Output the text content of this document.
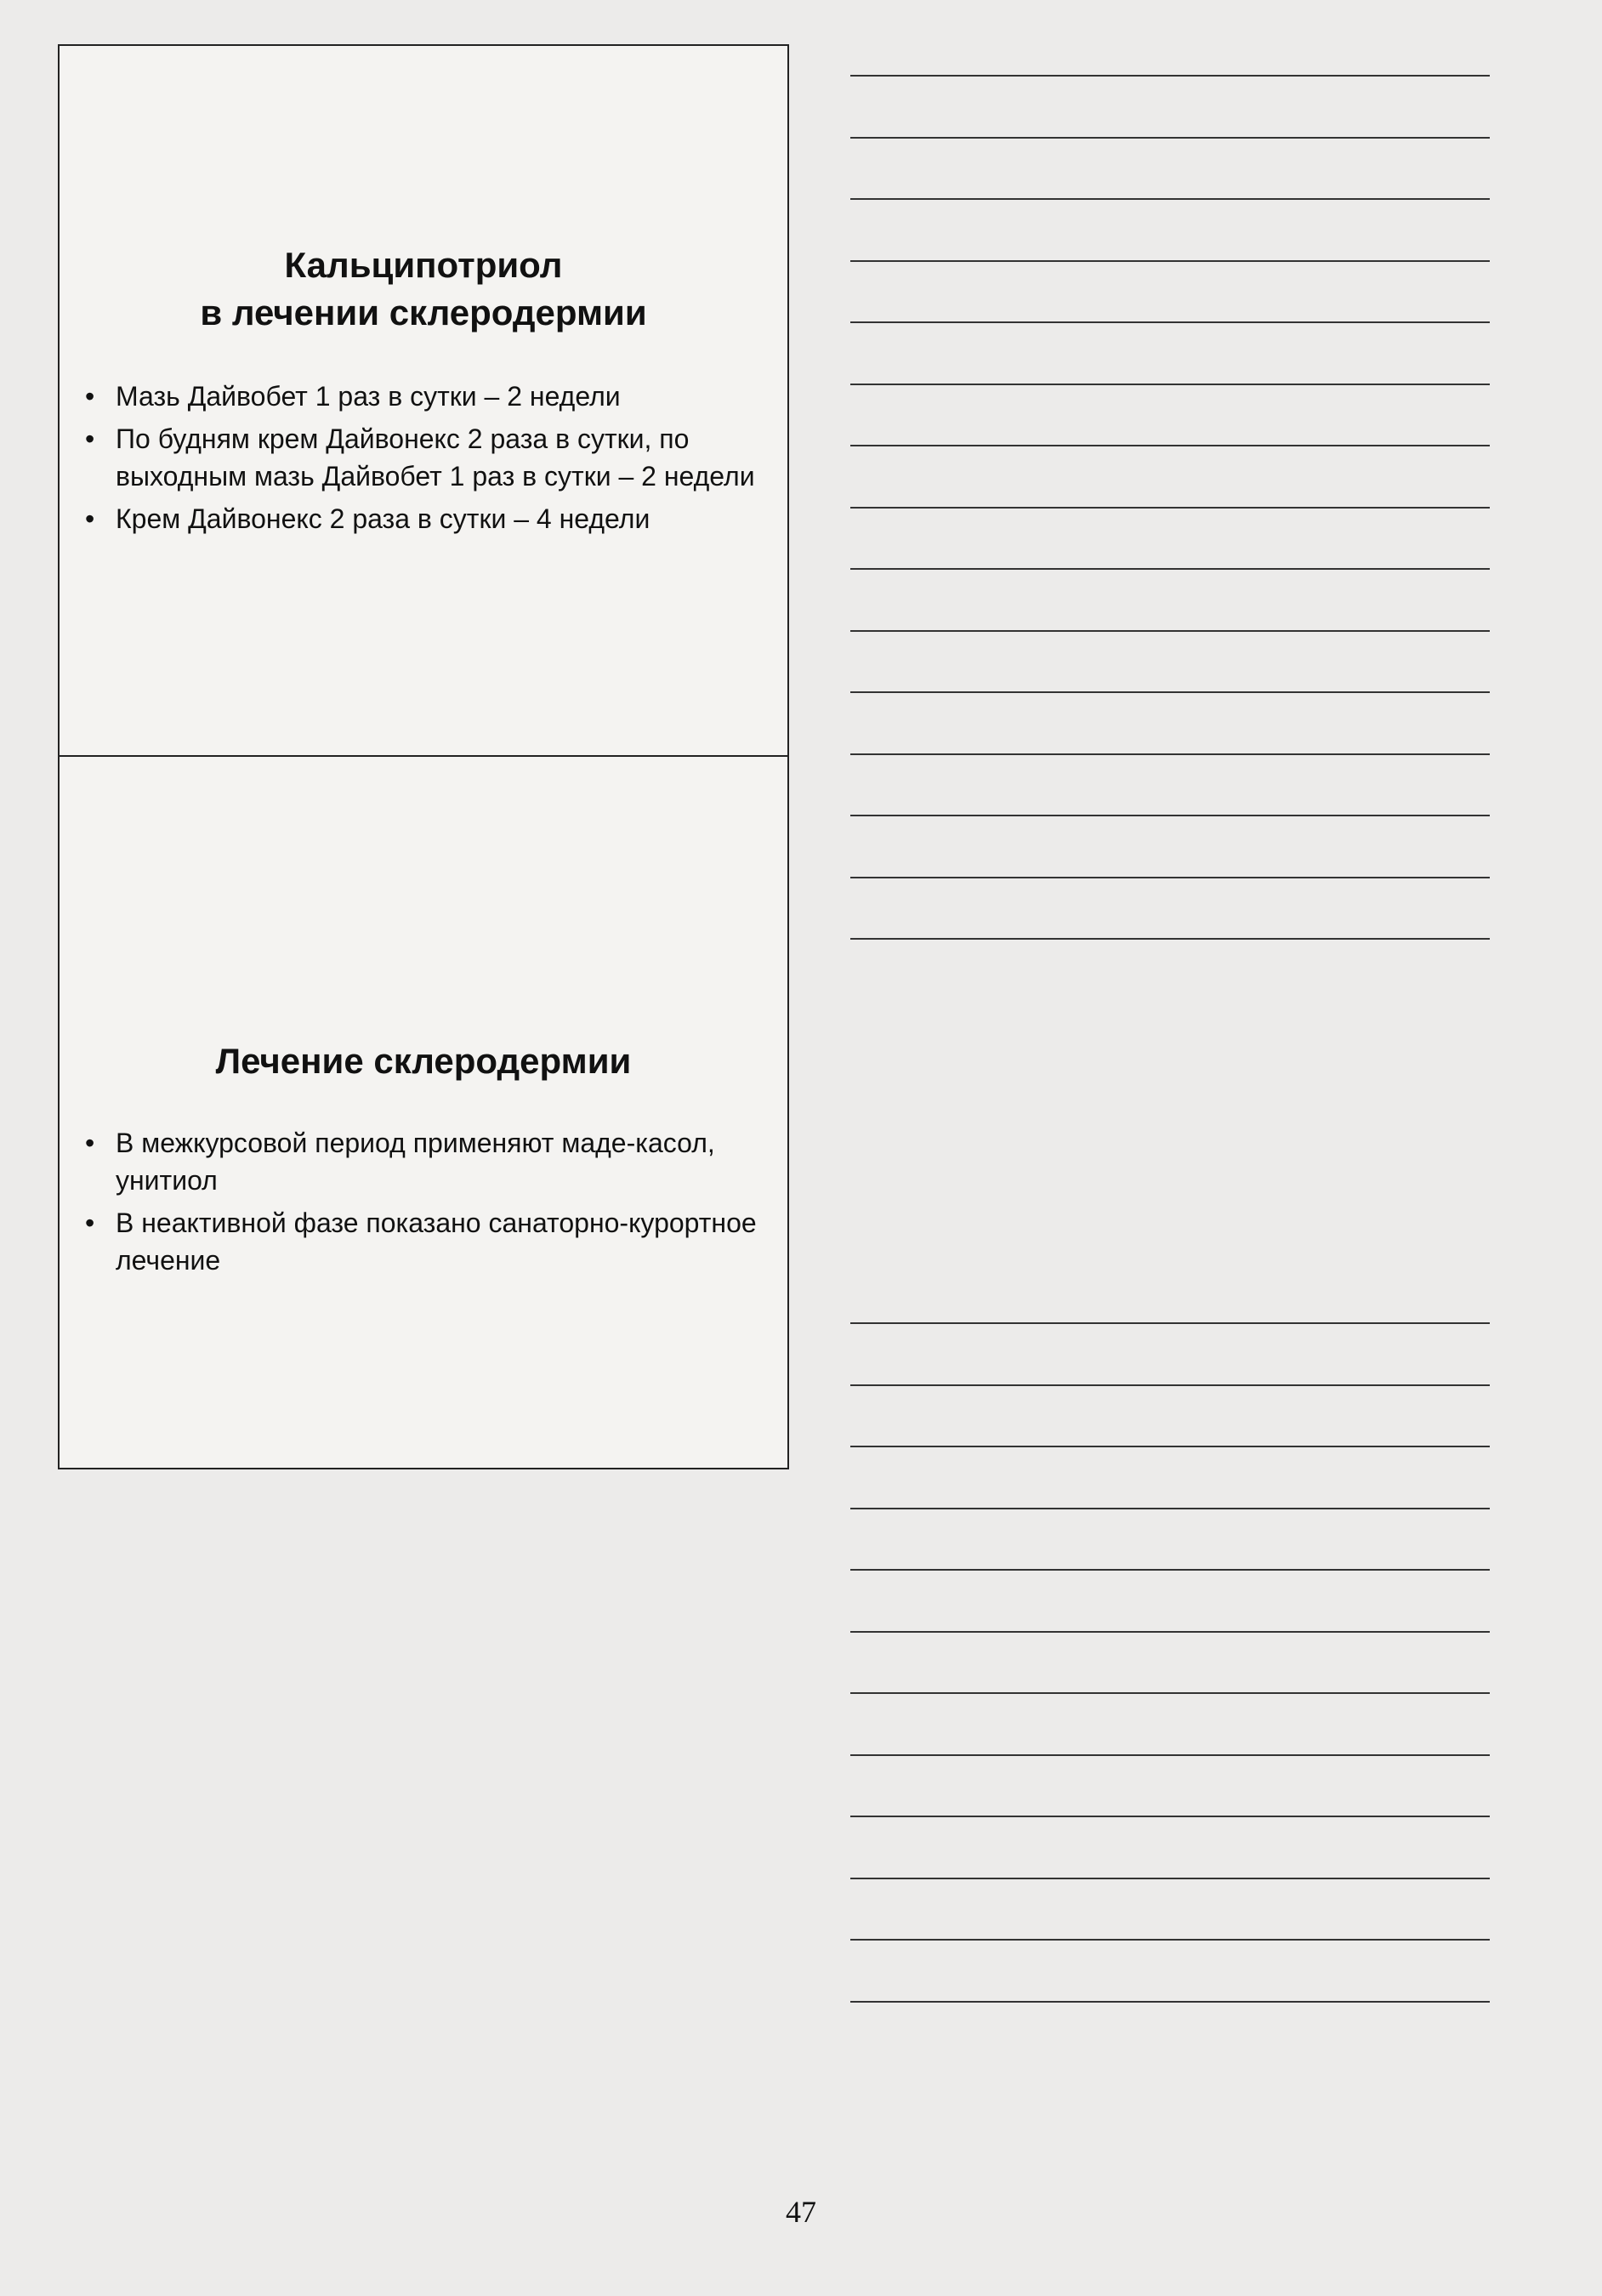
Кальципотриол
в лечении склеродермии
• Мазь Дайвобет 1 раз в сутки – 2 недели
• По будням крем Дайвонекс 2 раза в сутки, по выходным мазь Дайвобет 1 раз в сутки – 2 недели
• Крем Дайвонекс 2 раза в сутки – 4 недели
Лечение склеродермии
• В межкурсовой период применяют маде-касол, унитиол
• В неактивной фазе показано санаторно-курортное лечение
47
